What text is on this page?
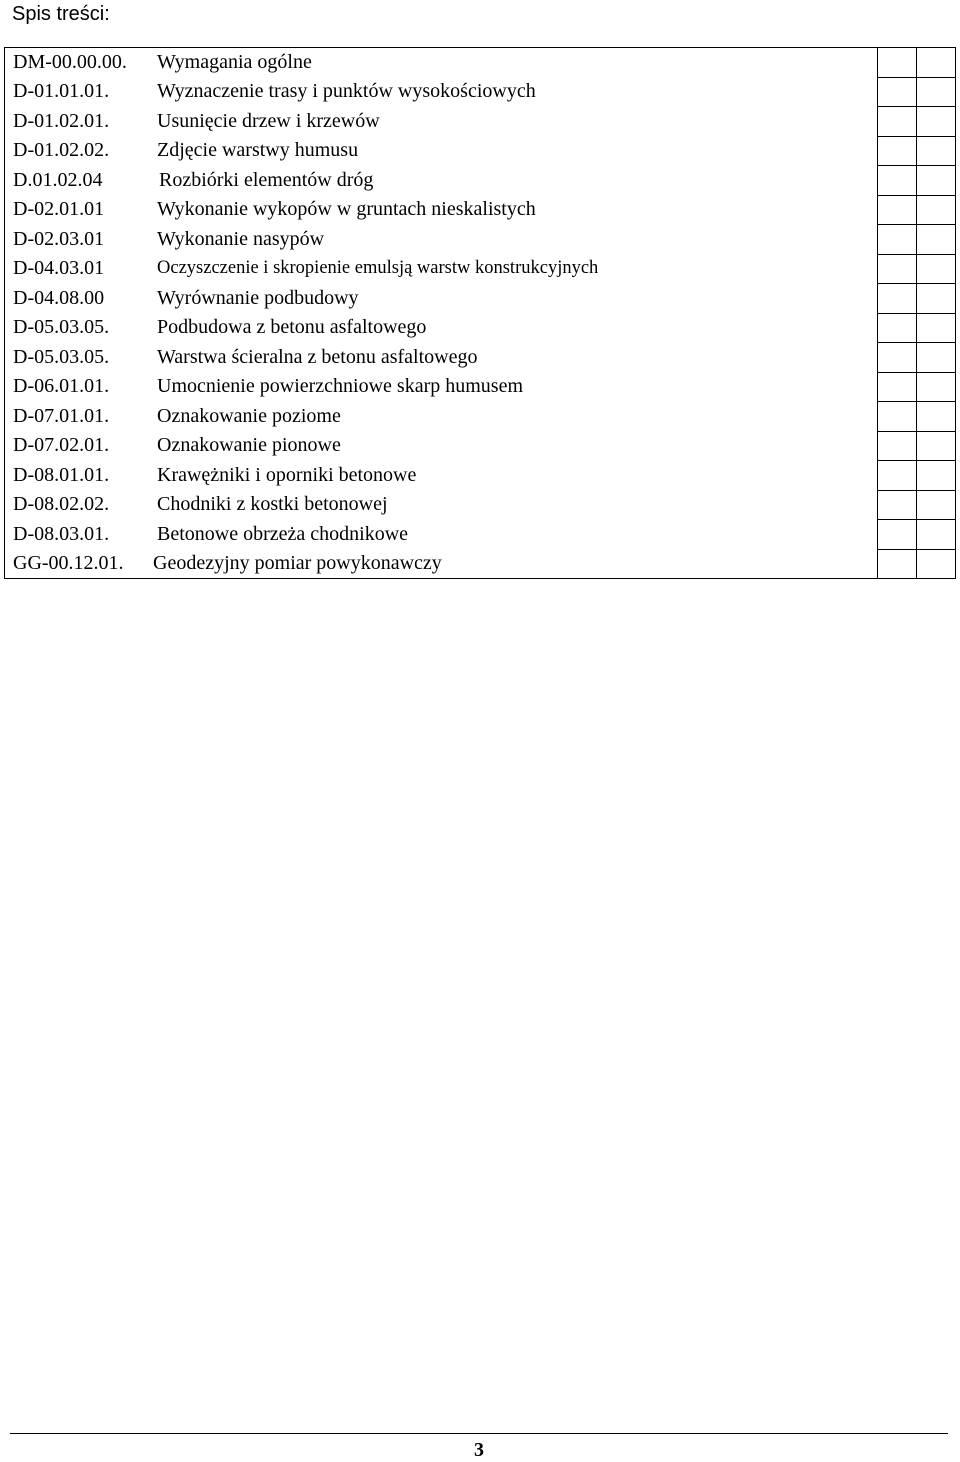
Spis treści:
DM-00.00.00. Wymagania ogólne		

D-01.01.01. Wyznaczenie trasy i punktów wysokościowych		

D-01.02.01. Usunięcie drzew i krzewów		

D-01.02.02. Zdjęcie warstwy humusu		

D.01.02.04 Rozbiórki elementów dróg		

D-02.01.01 Wykonanie wykopów w gruntach nieskalistych		

D-02.03.01 Wykonanie nasypów		

D-04.03.01 Oczyszczenie i skropienie emulsją warstw konstrukcyjnych		

D-04.08.00 Wyrównanie podbudowy		

D-05.03.05. Podbudowa z betonu asfaltowego		

D-05.03.05. Warstwa ścieralna z betonu asfaltowego		

D-06.01.01. Umocnienie powierzchniowe skarp humusem		

D-07.01.01. Oznakowanie poziome		

D-07.02.01. Oznakowanie pionowe		

D-08.01.01. Krawężniki i oporniki betonowe		

D-08.02.02. Chodniki z kostki betonowej		

D-08.03.01. Betonowe obrzeża chodnikowe		

GG-00.12.01. Geodezyjny pomiar powykonawczy		

3
